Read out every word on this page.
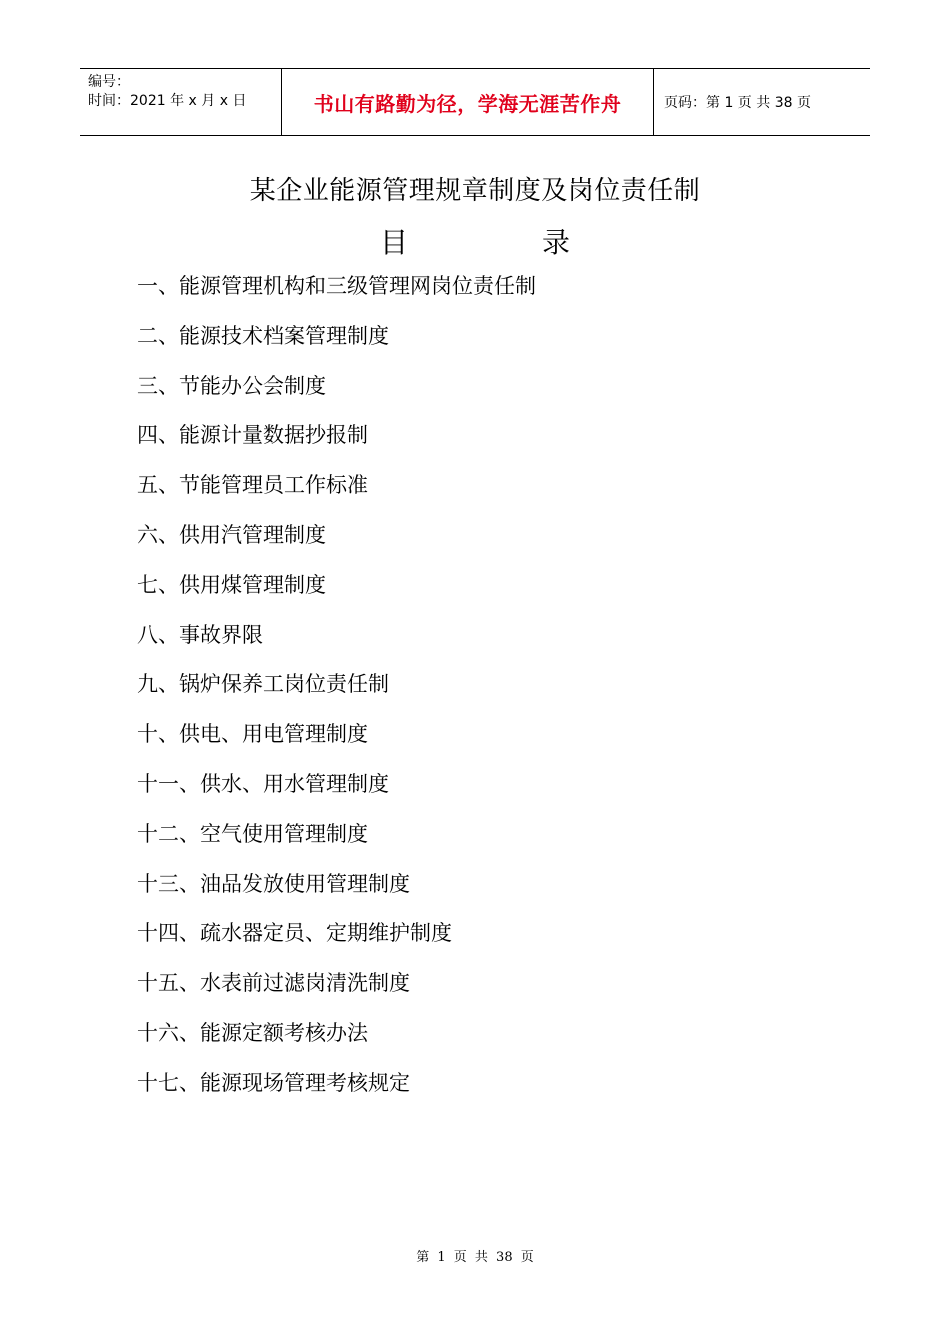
编号：
时间：2021 年 x 月 x 日	书山有路勤为径，学海无涯苦作舟	页码：第 1 页 共 38 页
某企业能源管理规章制度及岗位责任制
目	录
一、能源管理机构和三级管理网岗位责任制
二、能源技术档案管理制度
三、节能办公会制度
四、能源计量数据抄报制
五、节能管理员工作标准
六、供用汽管理制度
七、供用煤管理制度
八、事故界限
九、锅炉保养工岗位责任制
十、供电、用电管理制度
十一、供水、用水管理制度
十二、空气使用管理制度
十三、油品发放使用管理制度
十四、疏水器定员、定期维护制度
十五、水表前过滤岗清洗制度
十六、能源定额考核办法
十七、能源现场管理考核规定
第 1 页 共 38 页
